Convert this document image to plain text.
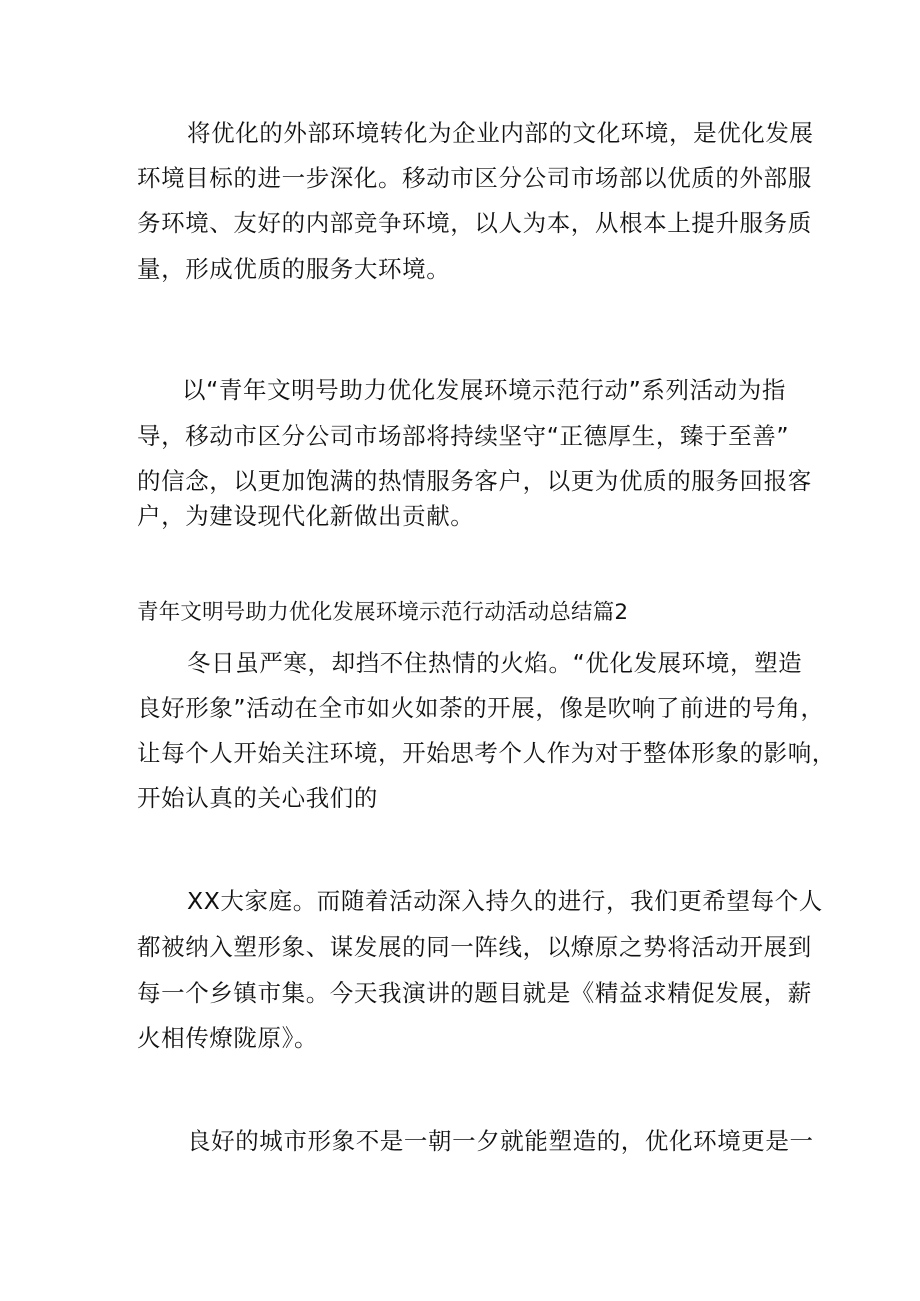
将优化的外部环境转化为企业内部的文化环境，是优化发展
环境目标的进一步深化。移动市区分公司市场部以优质的外部服
务环境、友好的内部竞争环境，以人为本，从根本上提升服务质
量，形成优质的服务大环境。
以“青年文明号助力优化发展环境示范行动”系列活动为指
导，移动市区分公司市场部将持续坚守“正德厚生，臻于至善”
的信念，以更加饱满的热情服务客户，以更为优质的服务回报客
户，为建设现代化新做出贡献。
青年文明号助力优化发展环境示范行动活动总结篇2
冬日虽严寒，却挡不住热情的火焰。“优化发展环境，塑造
良好形象”活动在全市如火如荼的开展，像是吹响了前进的号角，
让每个人开始关注环境，开始思考个人作为对于整体形象的影响，
开始认真的关心我们的
XX大家庭。而随着活动深入持久的进行，我们更希望每个人
都被纳入塑形象、谋发展的同一阵线，以燎原之势将活动开展到
每一个乡镇市集。今天我演讲的题目就是《精益求精促发展，薪
火相传燎陇原》。
良好的城市形象不是一朝一夕就能塑造的，优化环境更是一
